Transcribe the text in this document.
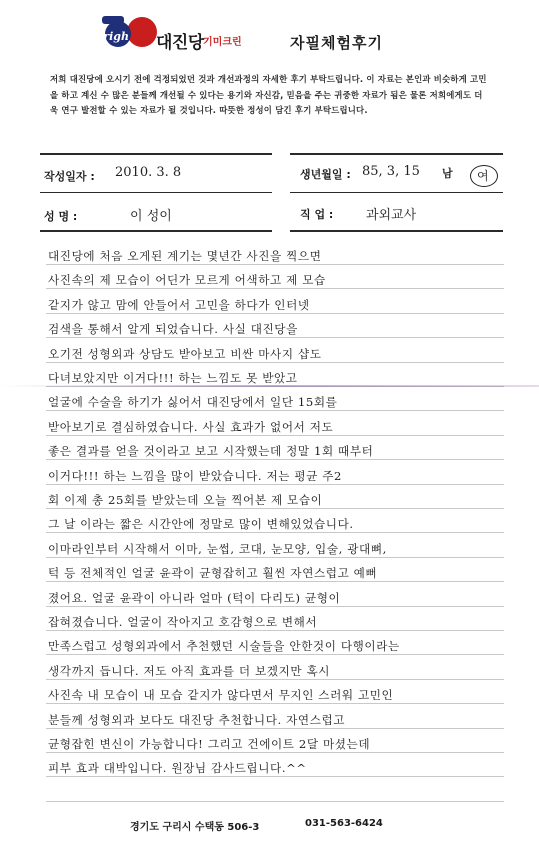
Brigh 대진당 기미크린	자필체험후기
저희 대진당에 오시기 전에 걱정되었던 것과 개선과정의 자세한 후기 부탁드립니다. 이 자료는 본인과 비슷하게 고민을 하고 계신 수 많은 분들께 개선될 수 있다는 용기와 자신감, 믿음을 주는 귀중한 자료가 됨은 물론 저희에게도 더욱 연구 발전할 수 있는 자료가 될 것입니다. 따뜻한 정성이 담긴 후기 부탁드립니다.
작성일자 : 2010. 3. 8	생년월일 : 85, 3, 15 남 여
성 명 :	이 성이	직 업 :	과외교사
대진당에 처음 오게된 계기는 몇년간 사진을 찍으면
사진속의 제 모습이 어딘가 모르게 어색하고 제 모습
같지가 않고 맘에 안들어서 고민을 하다가 인터넷
검색을 통해서 알게 되었습니다. 사실 대진당을
오기전 성형외과 상담도 받아보고 비싼 마사지 샵도
다녀보았지만 이거다!!! 하는 느낌도 못 받았고
얼굴에 수술을 하기가 싫어서 대진당에서 일단 15회를
받아보기로 결심하였습니다. 사실 효과가 없어서 저도
좋은 결과를 얻을 것이라고 보고 시작했는데 정말 1회 때부터
이거다!!! 하는 느낌을 많이 받았습니다. 저는 평균 주2
회 이제 총 25회를 받았는데 오늘 찍어본 제 모습이
그 날 이라는 짧은 시간안에 정말로 많이 변해있었습니다.
이마라인부터 시작해서 이마, 눈썹, 코대, 눈모양, 입술, 광대뼈,
턱 등 전체적인 얼굴 윤곽이 균형잡히고 훨씬 자연스럽고 예뻐
졌어요. 얼굴 윤곽이 아니라 얼마 (턱이 다리도) 균형이
잡혀졌습니다. 얼굴이 작아지고 호감형으로 변해서
만족스럽고 성형외과에서 추천했던 시술들을 안한것이 다행이라는
생각까지 듭니다. 저도 아직 효과를 더 보겠지만 혹시
사진속 내 모습이 내 모습 같지가 않다면서 무지인 스러워 고민인
분들께 성형외과 보다도 대진당 추천합니다. 자연스럽고
균형잡힌 변신이 가능합니다! 그리고 건에이트 2달 마셨는데
피부 효과 대박입니다. 원장님 감사드립니다.^^
경기도 구리시 수택동 506-3	031-563-6424
